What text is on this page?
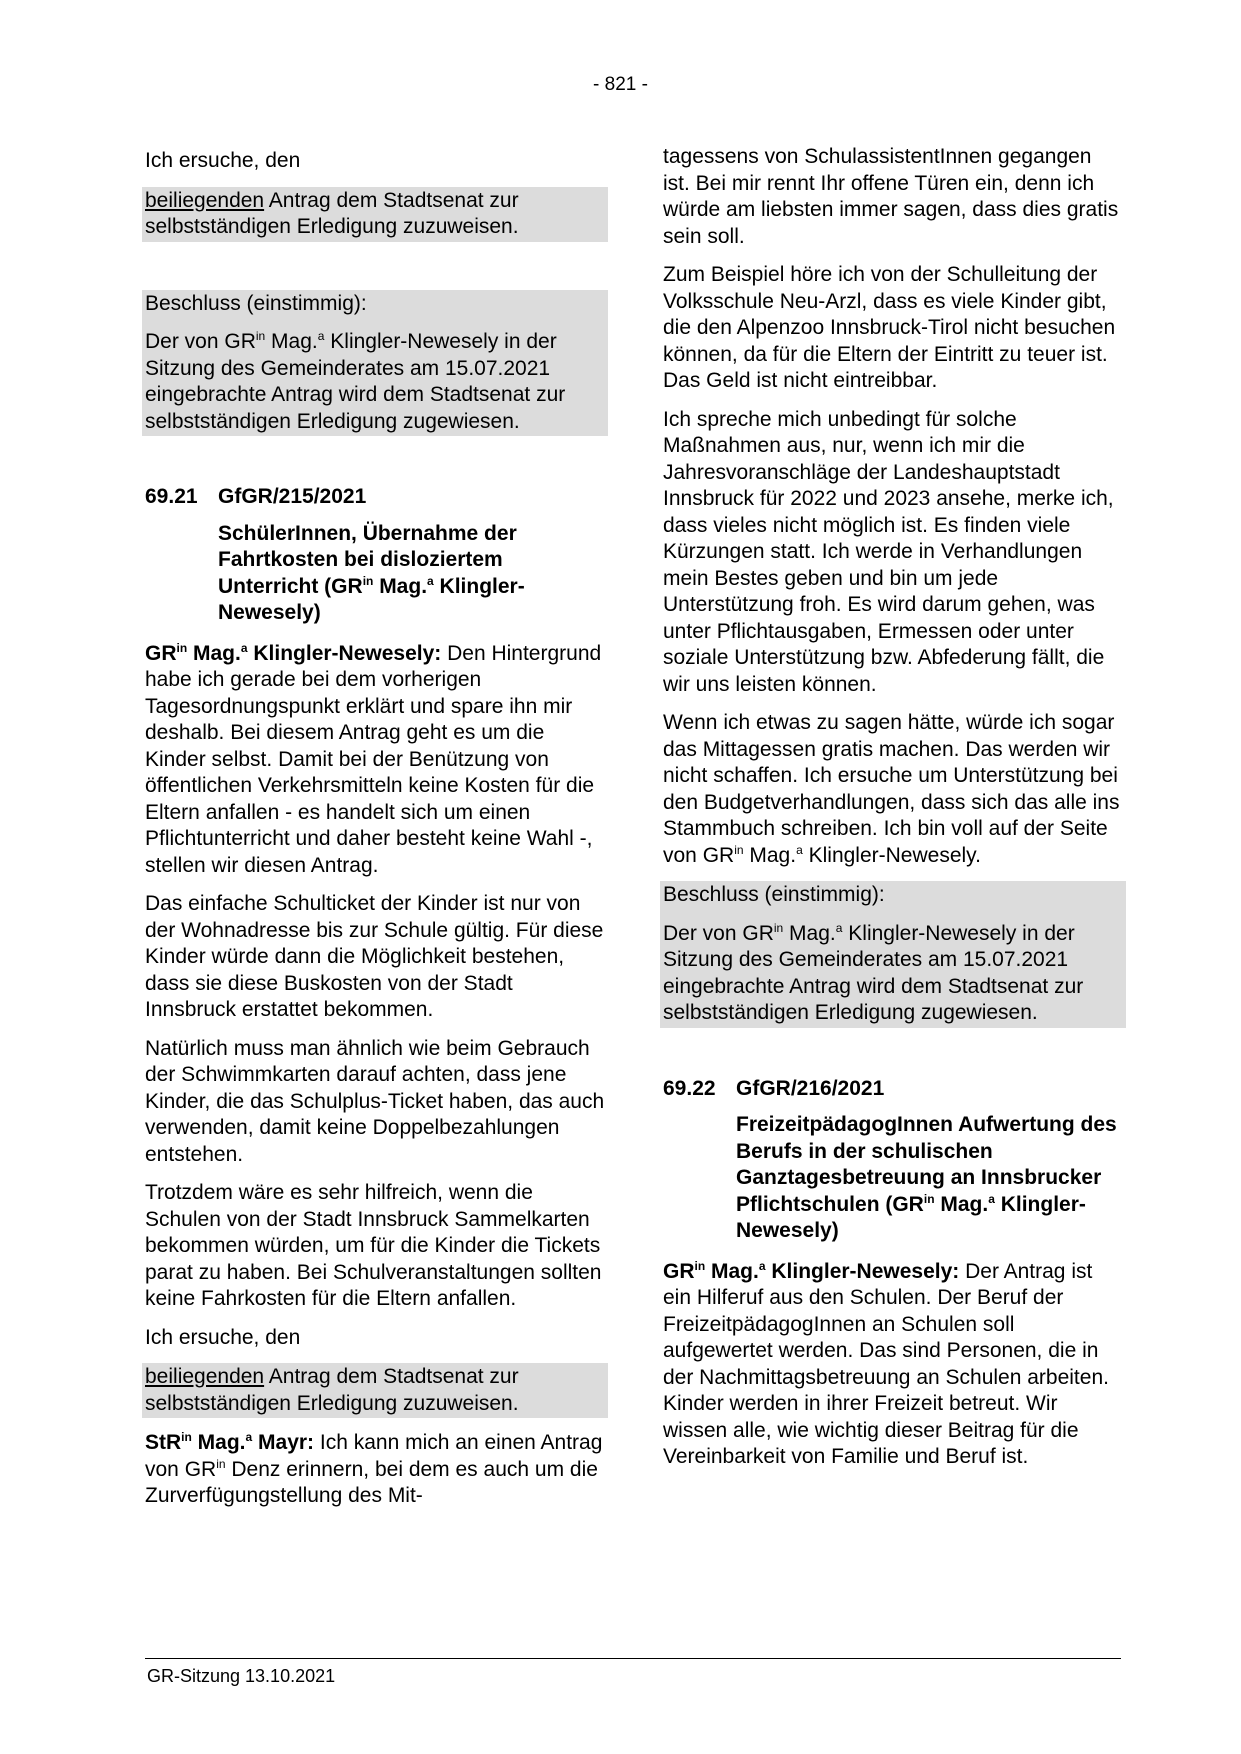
- 821 -

Ich ersuche, den

beiliegenden Antrag dem Stadtsenat zur selbstständigen Erledigung zuzuweisen.

Beschluss (einstimmig):

Der von $GR^{in}$ Mag.$^a$ Klingler-Newesely in der Sitzung des Gemeinderates am 15.07.2021 eingebrachte Antrag wird dem Stadtsenat zur selbstständigen Erledigung zugewiesen.

69.21 GfGR/215/2021

SchülerInnen, Übernahme der Fahrtkosten bei disloziertem Unterricht ($GR^{in}$ Mag.$^a$ Klingler-Newesely)

$GR^{in}$ Mag.$^a$ Klingler-Newesely: Den Hintergrund habe ich gerade bei dem vorherigen Tagesordnungspunkt erklärt und spare ihn mir deshalb. Bei diesem Antrag geht es um die Kinder selbst. Damit bei der Benützung von öffentlichen Verkehrsmitteln keine Kosten für die Eltern anfallen - es handelt sich um einen Pflichtunterricht und daher besteht keine Wahl -, stellen wir diesen Antrag.

Das einfache Schulticket der Kinder ist nur von der Wohnadresse bis zur Schule gültig. Für diese Kinder würde dann die Möglichkeit bestehen, dass sie diese Buskosten von der Stadt Innsbruck erstattet bekommen.

Natürlich muss man ähnlich wie beim Gebrauch der Schwimmkarten darauf achten, dass jene Kinder, die das Schulplus-Ticket haben, das auch verwenden, damit keine Doppelbezahlungen entstehen.

Trotzdem wäre es sehr hilfreich, wenn die Schulen von der Stadt Innsbruck Sammelkarten bekommen würden, um für die Kinder die Tickets parat zu haben. Bei Schulveranstaltungen sollten keine Fahrkosten für die Eltern anfallen.

Ich ersuche, den

beiliegenden Antrag dem Stadtsenat zur selbstständigen Erledigung zuzuweisen.

StR$^{in}$ Mag.$^a$ Mayr: Ich kann mich an einen Antrag von $GR^{in}$ Denz erinnern, bei dem es auch um die Zurverfügungstellung des Mit-

tagessens von SchulassistentInnen gegangen ist. Bei mir rennt Ihr offene Türen ein, denn ich würde am liebsten immer sagen, dass dies gratis sein soll.

Zum Beispiel höre ich von der Schulleitung der Volksschule Neu-Arzl, dass es viele Kinder gibt, die den Alpenzoo Innsbruck-Tirol nicht besuchen können, da für die Eltern der Eintritt zu teuer ist. Das Geld ist nicht eintreibbar.

Ich spreche mich unbedingt für solche Maßnahmen aus, nur, wenn ich mir die Jahresvoranschläge der Landeshauptstadt Innsbruck für 2022 und 2023 ansehe, merke ich, dass vieles nicht möglich ist. Es finden viele Kürzungen statt. Ich werde in Verhandlungen mein Bestes geben und bin um jede Unterstützung froh. Es wird darum gehen, was unter Pflichtausgaben, Ermessen oder unter soziale Unterstützung bzw. Abfederung fällt, die wir uns leisten können.

Wenn ich etwas zu sagen hätte, würde ich sogar das Mittagessen gratis machen. Das werden wir nicht schaffen. Ich ersuche um Unterstützung bei den Budgetverhandlungen, dass sich das alle ins Stammbuch schreiben. Ich bin voll auf der Seite von $GR^{in}$ Mag.$^a$ Klingler-Newesely.

Beschluss (einstimmig):

Der von $GR^{in}$ Mag.$^a$ Klingler-Newesely in der Sitzung des Gemeinderates am 15.07.2021 eingebrachte Antrag wird dem Stadtsenat zur selbstständigen Erledigung zugewiesen.

69.22 GfGR/216/2021

FreizeitpädagogInnen Aufwertung des Berufs in der schulischen Ganztagesbetreuung an Innsbrucker Pflichtschulen ($GR^{in}$ Mag.$^a$ Klingler-Newesely)

$GR^{in}$ Mag.$^a$ Klingler-Newesely: Der Antrag ist ein Hilferuf aus den Schulen. Der Beruf der FreizeitpädagogInnen an Schulen soll aufgewertet werden. Das sind Personen, die in der Nachmittagsbetreuung an Schulen arbeiten. Kinder werden in ihrer Freizeit betreut. Wir wissen alle, wie wichtig dieser Beitrag für die Vereinbarkeit von Familie und Beruf ist.

GR-Sitzung 13.10.2021
